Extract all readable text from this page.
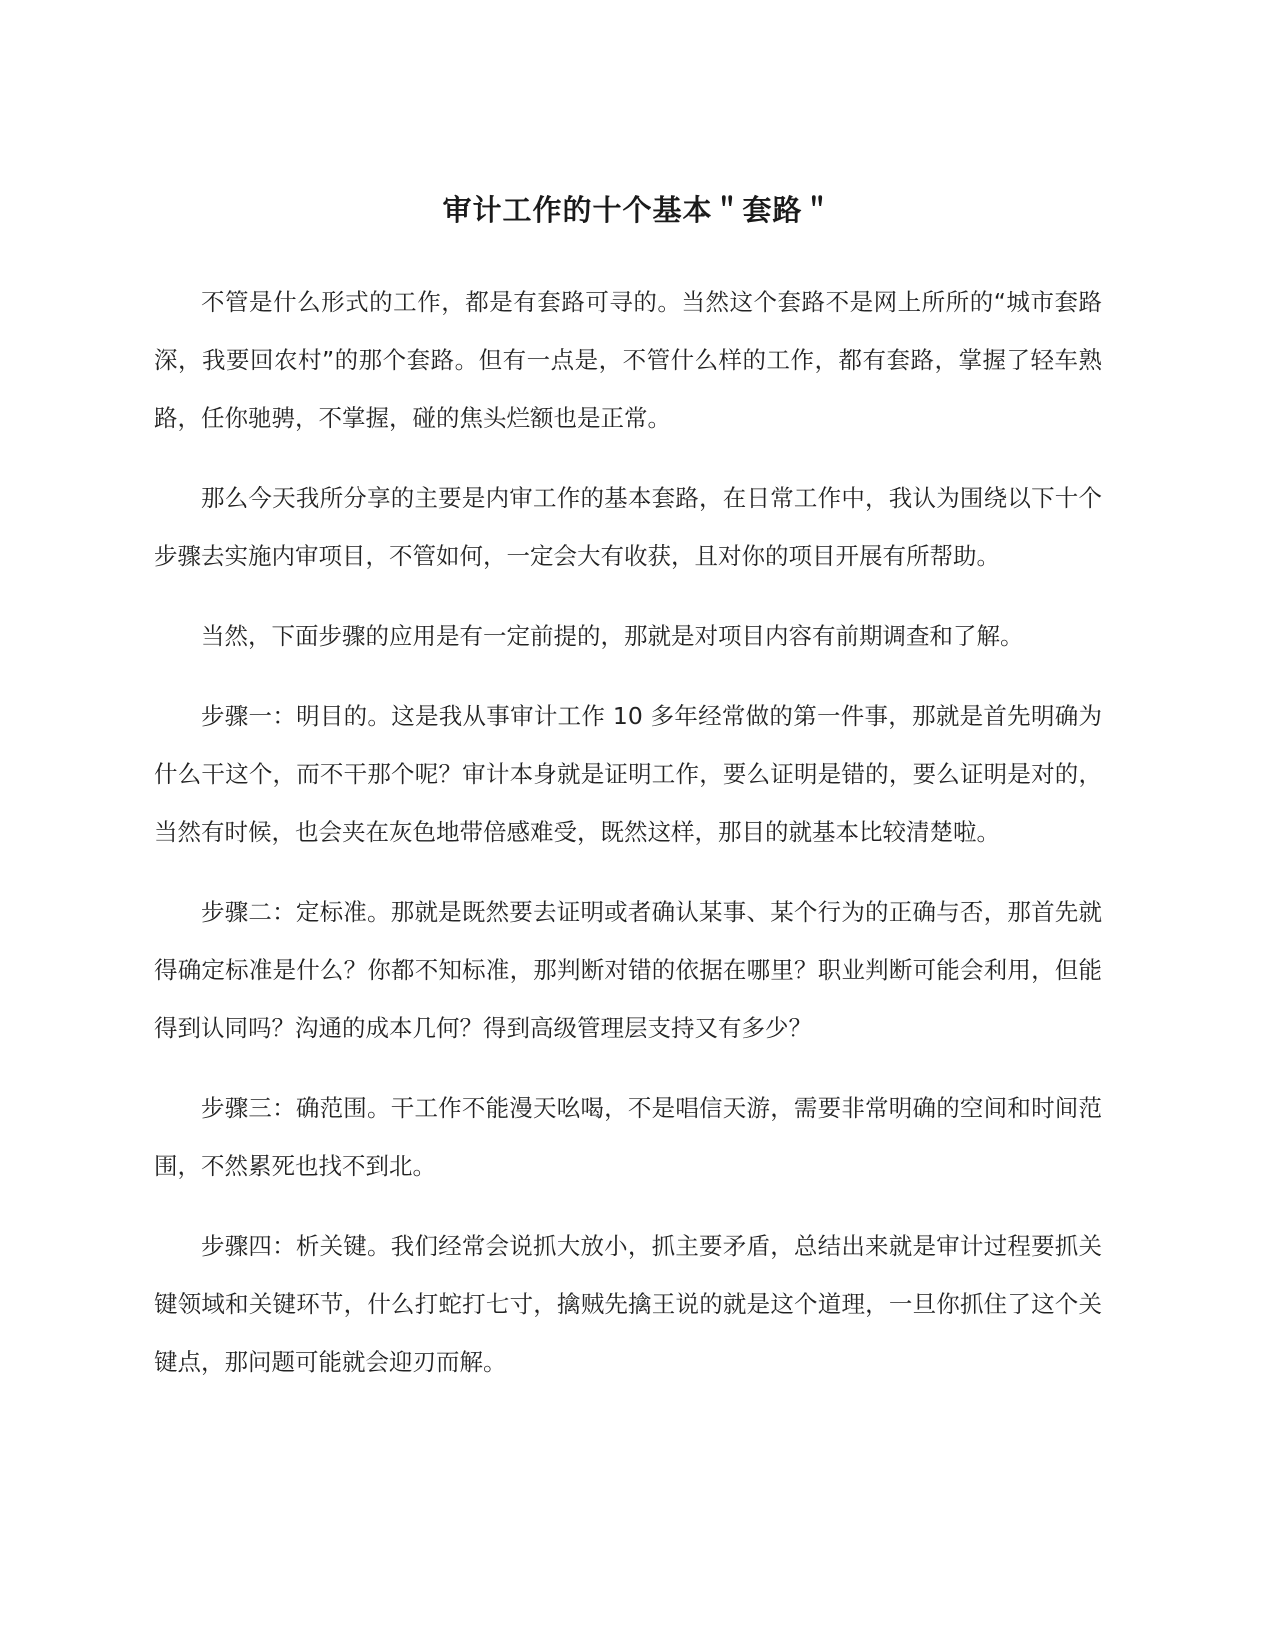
审计工作的十个基本＂套路＂

不管是什么形式的工作，都是有套路可寻的。当然这个套路不是网上所所的“城市套路深，我要回农村”的那个套路。但有一点是，不管什么样的工作，都有套路，掌握了轻车熟路，任你驰骋，不掌握，碰的焦头烂额也是正常。

那么今天我所分享的主要是内审工作的基本套路，在日常工作中，我认为围绕以下十个步骤去实施内审项目，不管如何，一定会大有收获，且对你的项目开展有所帮助。

当然，下面步骤的应用是有一定前提的，那就是对项目内容有前期调查和了解。

步骤一：明目的。这是我从事审计工作 10 多年经常做的第一件事，那就是首先明确为什么干这个，而不干那个呢？审计本身就是证明工作，要么证明是错的，要么证明是对的，当然有时候，也会夹在灰色地带倍感难受，既然这样，那目的就基本比较清楚啦。

步骤二：定标准。那就是既然要去证明或者确认某事、某个行为的正确与否，那首先就得确定标准是什么？你都不知标准，那判断对错的依据在哪里？职业判断可能会利用，但能得到认同吗？沟通的成本几何？得到高级管理层支持又有多少？

步骤三：确范围。干工作不能漫天吆喝，不是唱信天游，需要非常明确的空间和时间范围，不然累死也找不到北。

步骤四：析关键。我们经常会说抓大放小，抓主要矛盾，总结出来就是审计过程要抓关键领域和关键环节，什么打蛇打七寸，擒贼先擒王说的就是这个道理，一旦你抓住了这个关键点，那问题可能就会迎刃而解。
